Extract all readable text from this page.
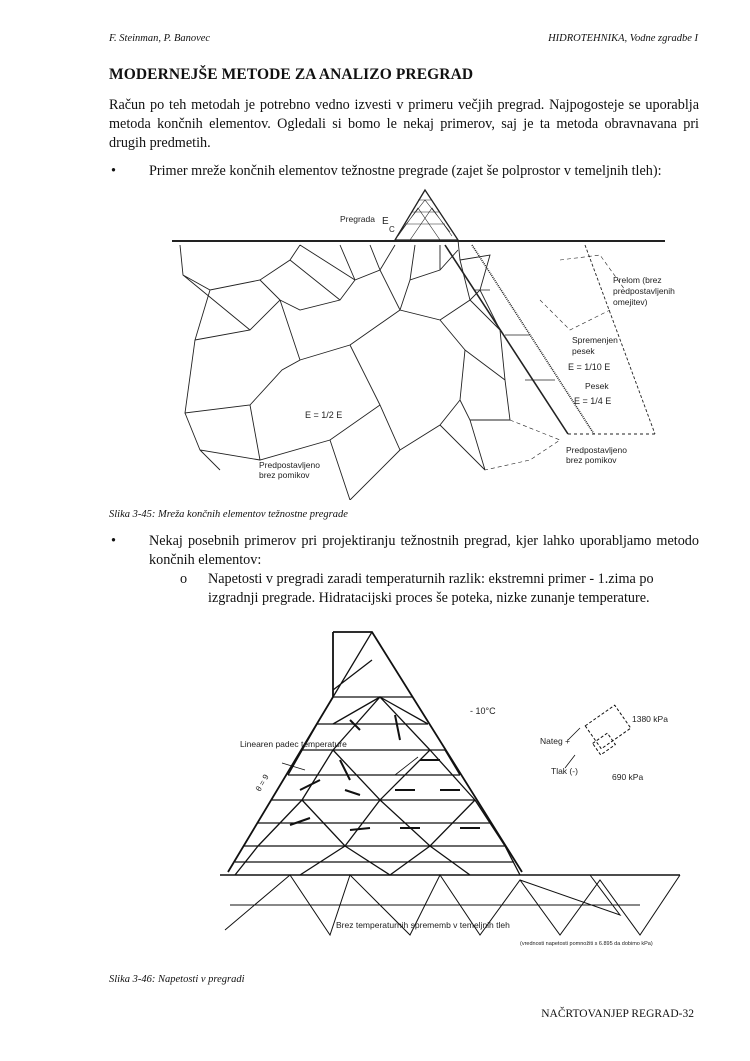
F. Steinman, P. Banovec	HIDROTEHNIKA, Vodne zgradbe I
MODERNEJŠE METODE ZA ANALIZO PREGRAD
Račun po teh metodah je potrebno vedno izvesti v primeru večjih pregrad. Najpogosteje se uporablja metoda končnih elementov. Ogledali si bomo le nekaj primerov, saj je ta metoda obravnavana pri drugih predmetih.
• Primer mreže končnih elementov težnostne pregrade (zajet še polprostor v temeljnih tleh):
Pregrada E
C
Prelom (brez predpostavljenih omejitev)
Spremenjen pesek
E = 1/10 E
Pesek
E = 1/4 E
E = 1/2 E
Predpostavljeno brez pomikov
Predpostavljeno brez pomikov
Slika 3-45: Mreža končnih elementov težnostne pregrade
• Nekaj posebnih primerov pri projektiranju težnostnih pregrad, kjer lahko uporabljamo metodo končnih elementov:
o Napetosti v pregradi zaradi temperaturnih razlik: ekstremni primer - 1.zima po izgradnji pregrade. Hidratacijski proces še poteka, nizke zunanje temperature.
Linearen padec temperature
- 10°C
Nateg +
Tlak (-)
1380 kPa
690 kPa
θ = 9
Brez temperaturnih sprememb v temeljnih tleh
(vrednosti napetosti pomnožiti s 6.895 da dobimo kPa)
Slika 3-46: Napetosti v pregradi
NAČRTOVANJEP REGRAD-32
